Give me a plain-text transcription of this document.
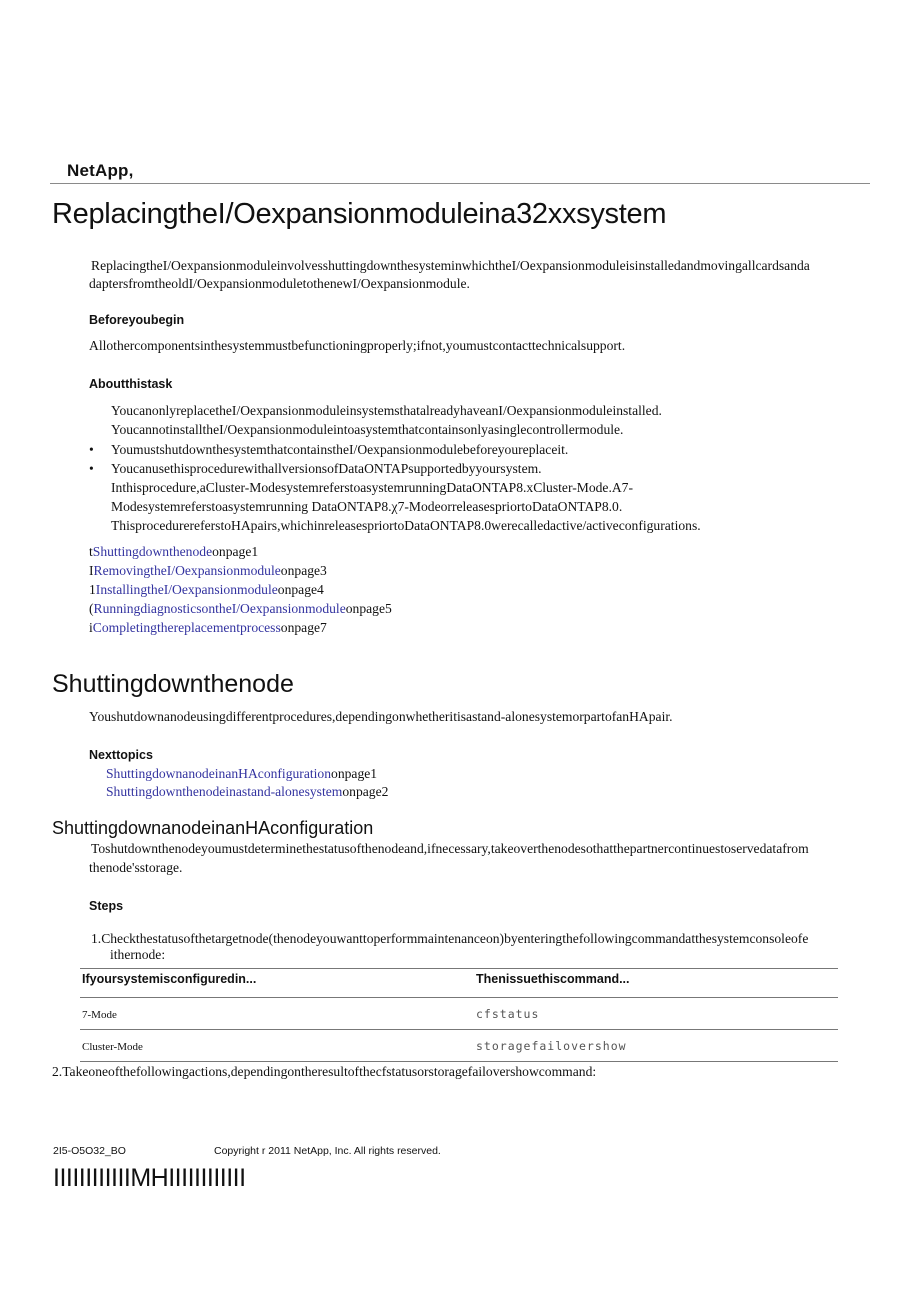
NetApp,
ReplacingtheI/Oexpansionmoduleina32xxsystem
ReplacingtheI/OexpansionmoduleinvolvesshuttingdownthesysteminwhichtheI/Oexpansionmoduleisinstalledandmovingallcardsanda
daptersfromtheoldI/OexpansionmoduletothenewI/Oexpansionmodule.
Beforeyoubegin
Allothercomponentsinthesystemmustbefunctioningproperly;ifnot,youmustcontacttechnicalsupport.
Aboutthistask
YoucanonlyreplacetheI/OexpansionmoduleinsystemsthatalreadyhaveanI/Oexpansionmoduleinstalled.
YoucannotinstalltheI/Oexpansionmoduleintoasystemthatcontainsonlyasinglecontrollermodule.
• YoumustshutdownthesystemthatcontainstheI/Oexpansionmodulebeforeyoureplaceit.
• YoucanusethisprocedurewithallversionsofDataONTAPsupportedbyyoursystem.
Inthisprocedure,aCluster-ModesystemreferstoasystemrunningDataONTAP8.xCluster-Mode.A7-
Modesystemreferstoasystemrunning DataONTAP8.χ7-ModeorreleasespriortoDataONTAP8.0.
ThisprocedurereferstoHApairs,whichinreleasespriortoDataONTAP8.0werecalledactive/activeconfigurations.
tShuttingdownthenodeonpage1
IRemovingtheI/Oexpansionmoduleonpage3
1InstallingtheI/Oexpansionmoduleonpage4
(RunningdiagnosticsontheI/Oexpansionmoduleonpage5
iCompletingthereplacementprocessonpage7
Shuttingdownthenode
Youshutdownanodeusingdifferentprocedures,dependingonwhetheritisastand-alonesystemorpartofanHApair.
Nexttopics
ShuttingdownanodeinanHAconfigurationonpage1
Shuttingdownthenodeinastand-alonesystemonpage2
ShuttingdownanodeinanHAconfiguration
Toshutdownthenodeyoumustdeterminethestatusofthenodeand,ifnecessary,takeoverthenodesothatthepartnercontinuestoservedatafrom
thenode'sstorage.
Steps
1.Checkthestatusofthetargetnode(thenodeyouwanttoperformmaintenanceon)byenteringthefollowingcommandatthesystemconsoleofe
ithernode:
Ifyoursystemisconfiguredin...	Thenissuethiscommand...
7-Mode	cfstatus
Cluster-Mode	storagefailovershow
2.Takeoneofthefollowingactions,dependingontheresultofthecfstatusorstoragefailovershowcommand:
2I5-O5O32_BO	Copyright r 2011 NetApp, Inc. All rights reserved.
IIIIIIIIIIIIMHIIIIIIIIIIII
